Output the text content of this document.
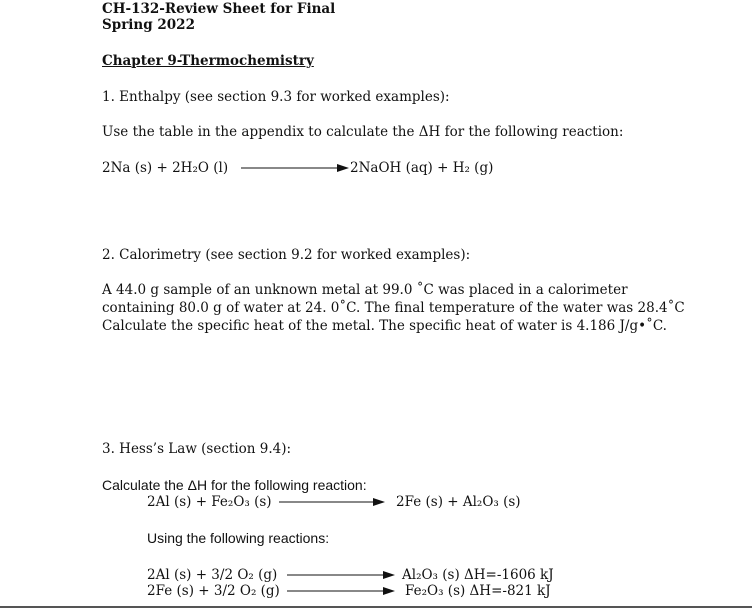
CH-132-Review Sheet for Final
Spring 2022
Chapter 9-Thermochemistry
1. Enthalpy (see section 9.3 for worked examples):
Use the table in the appendix to calculate the ΔH for the following reaction:
2Na (s) + 2H₂O (l)	2NaOH (aq) + H₂ (g)
2. Calorimetry (see section 9.2 for worked examples):
A 44.0 g sample of an unknown metal at 99.0 ˚C was placed in a calorimeter
containing 80.0 g of water at 24. 0˚C. The final temperature of the water was 28.4˚C
Calculate the specific heat of the metal. The specific heat of water is 4.186 J/g•˚C.
3. Hess’s Law (section 9.4):
Calculate the ΔH for the following reaction:
2Al (s) + Fe₂O₃ (s)	2Fe (s) + Al₂O₃ (s)
Using the following reactions:
2Al (s) + 3/2 O₂ (g)	Al₂O₃ (s) ΔH=-1606 kJ
2Fe (s) + 3/2 O₂ (g)	Fe₂O₃ (s) ΔH=-821 kJ
